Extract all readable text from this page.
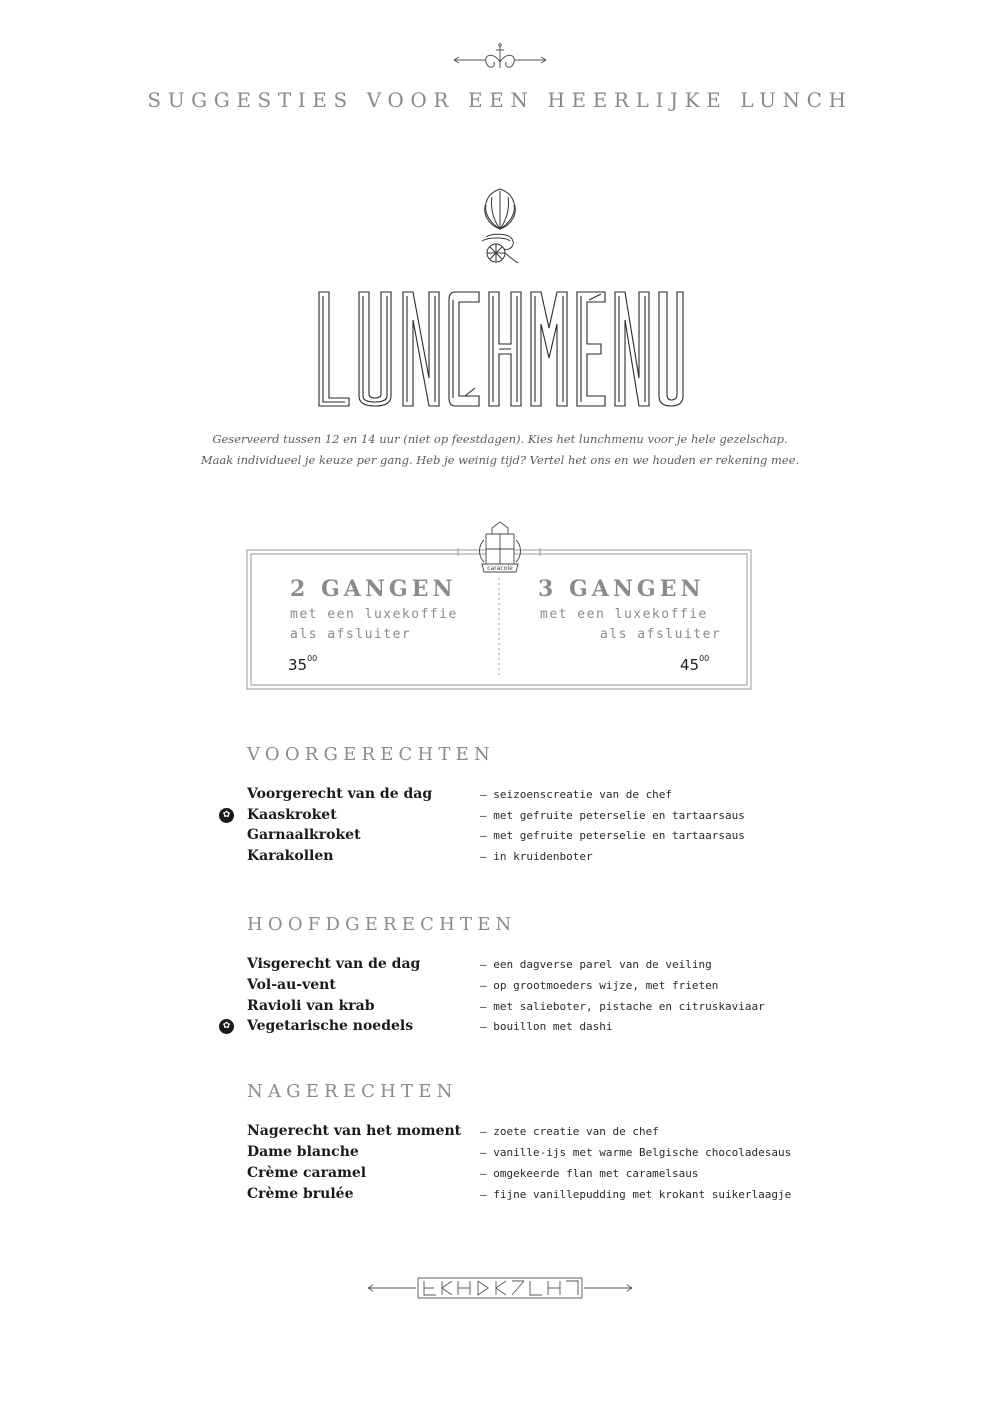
SUGGESTIES VOOR EEN HEERLIJKE LUNCH
Geserveerd tussen 12 en 14 uur (niet op feestdagen). Kies het lunchmenu voor je hele gezelschap.
Maak individueel je keuze per gang. Heb je weinig tijd? Vertel het ons en we houden er rekening mee.
caracole
2 GANGEN
met een luxekoffie
als afsluiter
$35^{00}$
3 GANGEN
met een luxekoffie
als afsluiter
$45^{00}$
VOORGERECHTEN
Voorgerecht van de dag	— seizoenscreatie van de chef
✿ Kaaskroket	— met gefruite peterselie en tartaarsaus
Garnaalkroket	— met gefruite peterselie en tartaarsaus
Karakollen	— in kruidenboter
HOOFDGERECHTEN
Visgerecht van de dag	— een dagverse parel van de veiling
Vol-au-vent	— op grootmoeders wijze, met frieten
Ravioli van krab	— met salieboter, pistache en citruskaviaar
✿ Vegetarische noedels	— bouillon met dashi
NAGERECHTEN
Nagerecht van het moment — zoete creatie van de chef
Dame blanche	— vanille-ijs met warme Belgische chocoladesaus
Crème caramel	— omgekeerde flan met caramelsaus
Crème brulée	— fijne vanillepudding met krokant suikerlaagje
